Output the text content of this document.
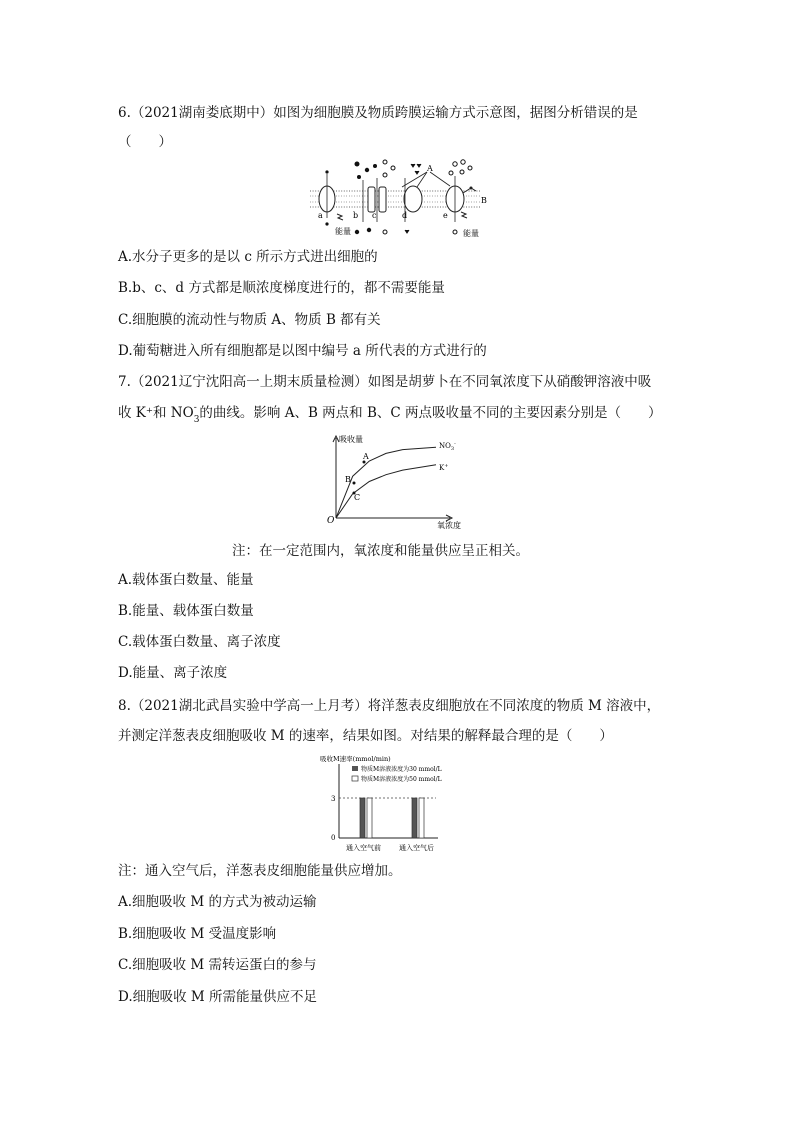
6.（2021湖南娄底期中）如图为细胞膜及物质跨膜运输方式示意图，据图分析错误的是
（　　）
a	b c	d	e
A
B
能量	能量
A.水分子更多的是以 c 所示方式进出细胞的
B.b、c、d 方式都是顺浓度梯度进行的，都不需要能量
C.细胞膜的流动性与物质 A、物质 B 都有关
D.葡萄糖进入所有细胞都是以图中编号 a 所代表的方式进行的
7.（2021辽宁沈阳高一上期末质量检测）如图是胡萝卜在不同氧浓度下从硝酸钾溶液中吸
收 K⁺和 $NO_3$
- 的曲线。影响 A、B 两点和 B、C 两点吸收量不同的主要因素分别是（　　）
吸收量
氧浓度
O
$NO_3^-$
K+
A
B
C
注：在一定范围内，氧浓度和能量供应呈正相关。
A.载体蛋白数量、能量
B.能量、载体蛋白数量
C.载体蛋白数量、离子浓度
D.能量、离子浓度
8.（2021湖北武昌实验中学高一上月考）将洋葱表皮细胞放在不同浓度的物质 M 溶液中，
并测定洋葱表皮细胞吸收 M 的速率，结果如图。对结果的解释最合理的是（　　）
吸收M速率(mmol/min)
3
0
物质M溶液浓度为30 mmol/L
物质M溶液浓度为50 mmol/L
通入空气前	通入空气后
注：通入空气后，洋葱表皮细胞能量供应增加。
A.细胞吸收 M 的方式为被动运输
B.细胞吸收 M 受温度影响
C.细胞吸收 M 需转运蛋白的参与
D.细胞吸收 M 所需能量供应不足
